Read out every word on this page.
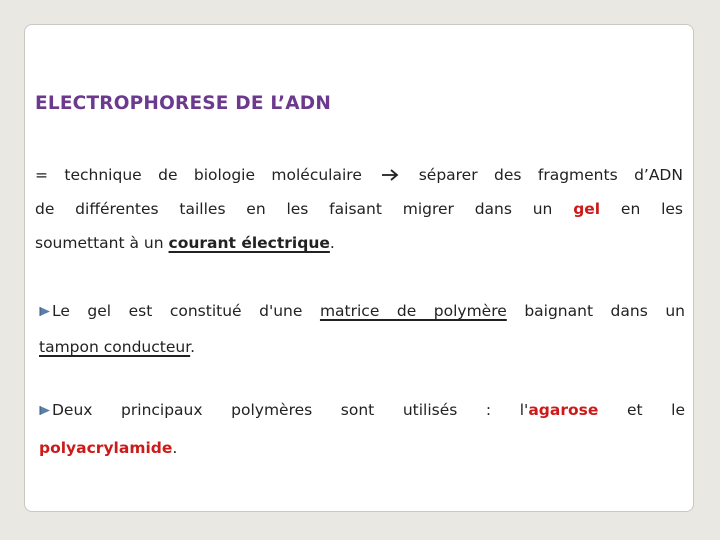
ELECTROPHORESE DE L’ADN
= technique de biologie moléculaire	séparer des fragments d’ADN
de différentes tailles en les faisant migrer dans un gel en les
soumettant à un courant électrique.
Le gel est constitué d'une matrice de polymère baignant dans un
tampon conducteur.
Deux principaux polymères sont utilisés : l'agarose et le
polyacrylamide.
